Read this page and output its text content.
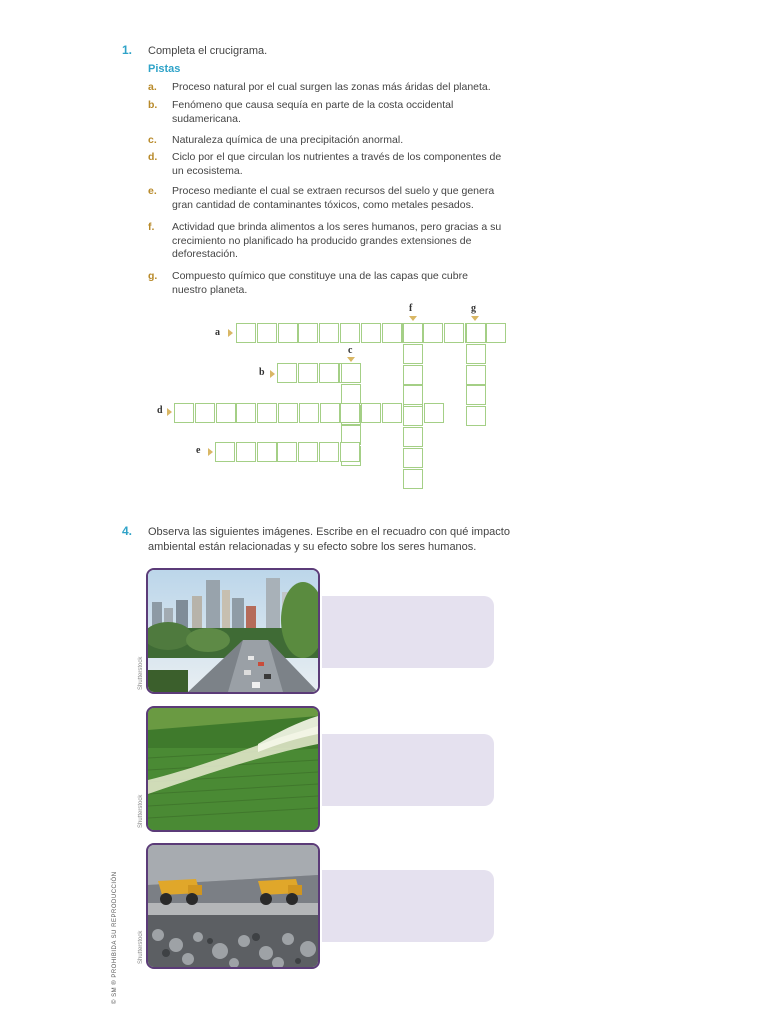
1. Completa el crucigrama.
Pistas
a. Proceso natural por el cual surgen las zonas más áridas del planeta.
b. Fenómeno que causa sequía en parte de la costa occidental sudamericana.
c. Naturaleza química de una precipitación anormal.
d. Ciclo por el que circulan los nutrientes a través de los componentes de un ecosistema.
e. Proceso mediante el cual se extraen recursos del suelo y que genera gran cantidad de contaminantes tóxicos, como metales pesados.
f. Actividad que brinda alimentos a los seres humanos, pero gracias a su crecimiento no planificado ha producido grandes extensiones de deforestación.
g. Compuesto químico que constituye una de las capas que cubre nuestro planeta.
a
b
d
e
c
f	g
4. Observa las siguientes imágenes. Escribe en el recuadro con qué impacto
ambiental están relacionadas y su efecto sobre los seres humanos.
Shutterstock
Shutterstock
Shutterstock
© SM ® PROHIBIDA SU REPRODUCCIÓN
